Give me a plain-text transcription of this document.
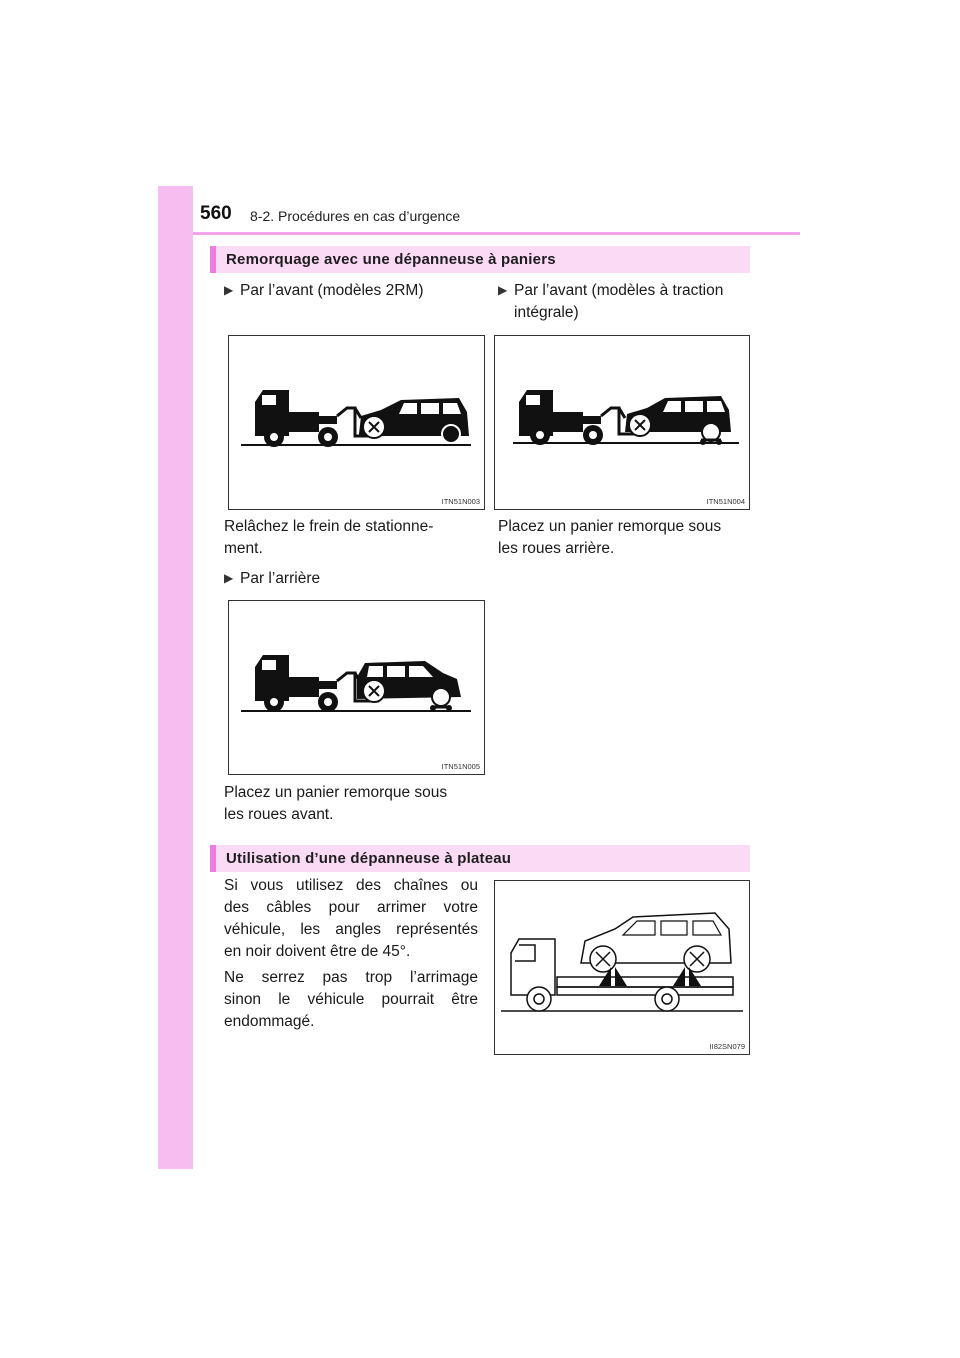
560 8-2. Procédures en cas d’urgence
Remorquage avec une dépanneuse à paniers
▶ Par l’avant (modèles 2RM)	▶ Par l’avant (modèles à traction
intégrale)
ITN51N003	ITN51N004
Relâchez le frein de stationne-
ment.
Placez un panier remorque sous
les roues arrière.
▶ Par l’arrière
ITN51N005
Placez un panier remorque sous
les roues avant.
Utilisation d’une dépanneuse à plateau
Si vous utilisez des chaînes ou
des câbles pour arrimer votre
véhicule, les angles représentés
en noir doivent être de 45°.
Ne serrez pas trop l’arrimage
sinon le véhicule pourrait être
endommagé.
II82SN079
